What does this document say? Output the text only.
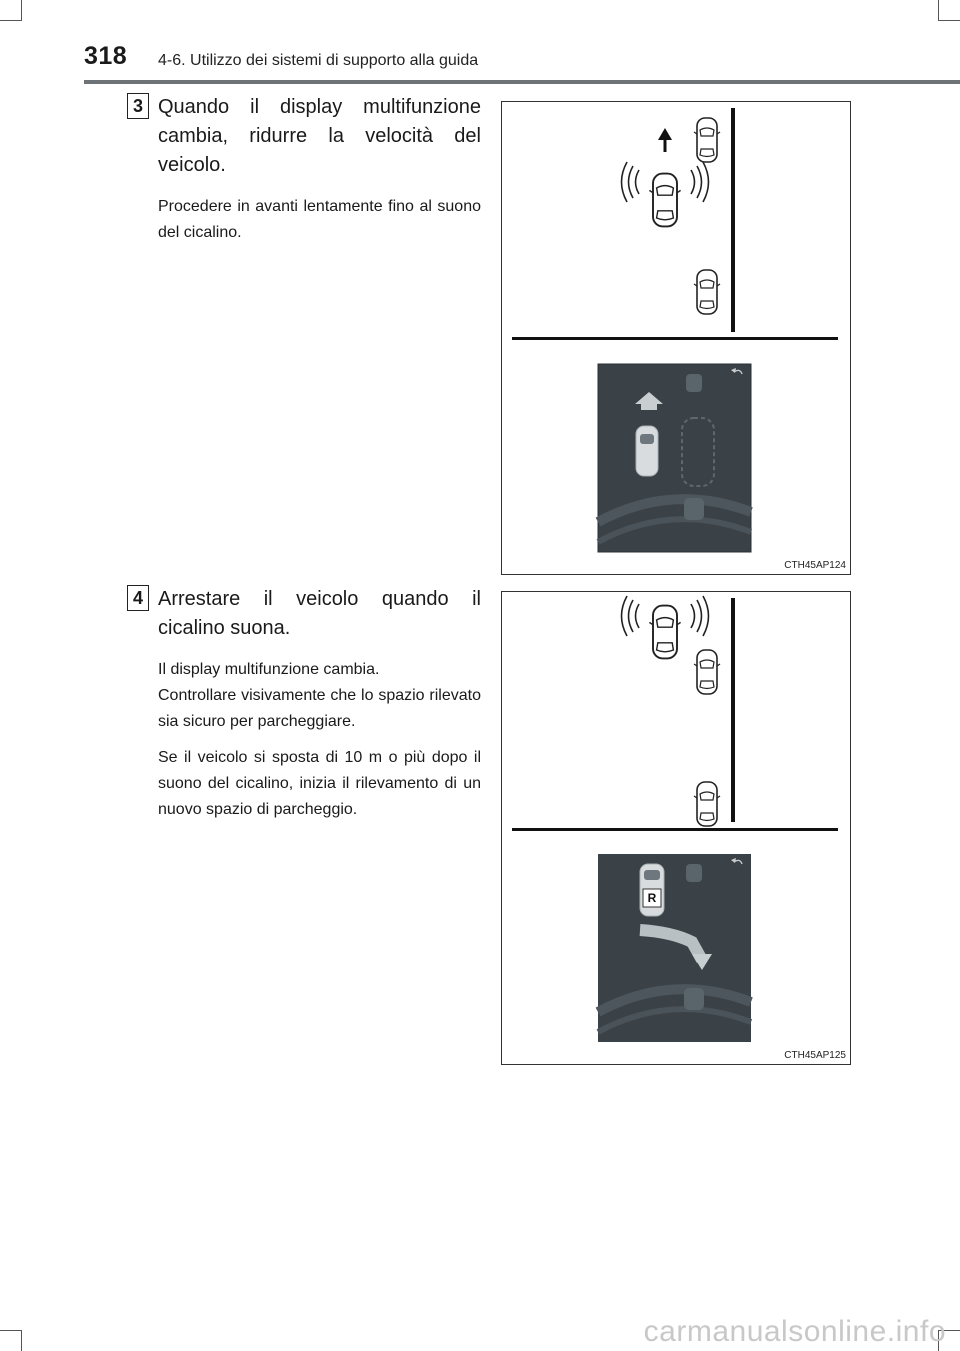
318 4-6. Utilizzo dei sistemi di supporto alla guida
3 Quando il display multifunzione cambia, ridurre la velocità del veicolo.

Procedere in avanti lentamente fino al suono del cicalino.

CTH45AP124
4 Arrestare il veicolo quando il cicalino suona.

Il display multifunzione cambia.

Controllare visivamente che lo spazio rilevato sia sicuro per parcheggiare.

Se il veicolo si sposta di 10 m o più dopo il suono del cicalino, inizia il rilevamento di un nuovo spazio di parcheggio.

R
CTH45AP125
carmanualsonline.info
